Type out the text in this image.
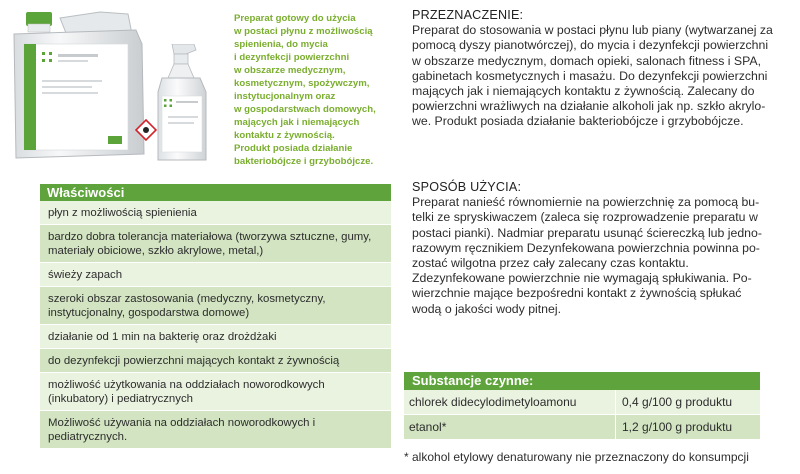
Preparat gotowy do użycia
w postaci płynu z możliwością
spienienia, do mycia
i dezynfekcji powierzchni
w obszarze medycznym,
kosmetycznym, spożywczym,
instytucjonalnym oraz
w gospodarstwach domowych,
mających jak i niemających
kontaktu z żywnością.
Produkt posiada działanie
bakteriobójcze i grzybobójcze.
Właściwości
płyn z możliwością spienienia
bardzo dobra tolerancja materiałowa (tworzywa sztuczne, gumy, materiały obiciowe, szkło akrylowe, metal,)
świeży zapach
szeroki obszar zastosowania (medyczny, kosmetyczny, instytucjonalny, gospodarstwa domowe)
działanie od 1 min na bakterię oraz drożdżaki
do dezynfekcji powierzchni mających kontakt z żywnością
możliwość użytkowania na oddziałach noworodkowych (inkubatory) i pediatrycznych
Możliwość używania na oddziałach noworodkowych i pediatrycznych.
PRZEZNACZENIE:
Preparat do stosowania w postaci płynu lub piany (wytwarzanej za
pomocą dyszy pianotwórczej), do mycia i dezynfekcji powierzchni
w obszarze medycznym, domach opieki, salonach fitness i SPA,
gabinetach kosmetycznych i masażu. Do dezynfekcji powierzchni
mających jak i niemających kontaktu z żywnością. Zalecany do
powierzchni wrażliwych na działanie alkoholi jak np. szkło akrylo-
we. Produkt posiada działanie bakteriobójcze i grzybobójcze.
SPOSÓB UŻYCIA:
Preparat nanieść równomiernie na powierzchnię za pomocą bu-
telki ze spryskiwaczem (zaleca się rozprowadzenie preparatu w
postaci pianki). Nadmiar preparatu usunąć ściereczką lub jedno-
razowym ręcznikiem Dezynfekowana powierzchnia powinna po-
zostać wilgotna przez cały zalecany czas kontaktu.
Zdezynfekowane powierzchnie nie wymagają spłukiwania. Po-
wierzchnie mające bezpośredni kontakt z żywnością spłukać
wodą o jakości wody pitnej.
Substancje czynne:
chlorek didecylodimetyloamonu	0,4 g/100 g produktu
etanol*	1,2 g/100 g produktu
* alkohol etylowy denaturowany nie przeznaczony do konsumpcji
